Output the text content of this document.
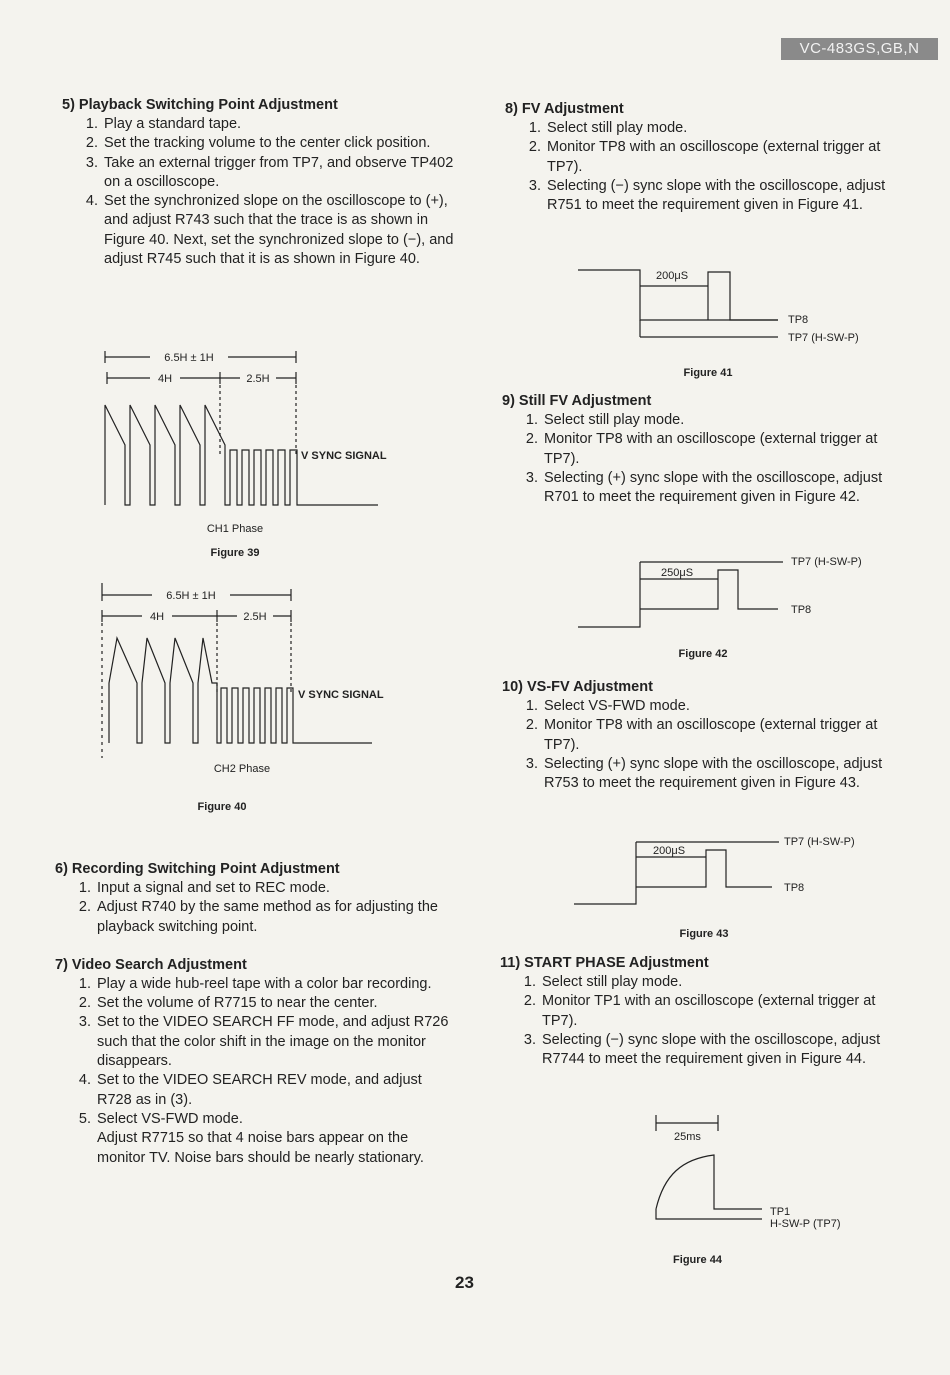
VC-483GS,GB,N
5) Playback Switching Point Adjustment
1. Play a standard tape.
2. Set the tracking volume to the center click position.
3. Take an external trigger from TP7, and observe TP402 on a oscilloscope.
4. Set the synchronized slope on the oscilloscope to (+), and adjust R743 such that the trace is as shown in Figure 40. Next, set the synchronized slope to (−), and adjust R745 such that it is as shown in Figure 40.
6.5H ± 1H
4H	2.5H
V SYNC SIGNAL
CH1 Phase
Figure 39
6.5H ± 1H
4H	2.5H
V SYNC SIGNAL
CH2 Phase
Figure 40
6) Recording Switching Point Adjustment
1. Input a signal and set to REC mode.
2. Adjust R740 by the same method as for adjusting the playback switching point.
7) Video Search Adjustment
1. Play a wide hub-reel tape with a color bar recording.
2. Set the volume of R7715 to near the center.
3. Set to the VIDEO SEARCH FF mode, and adjust R726 such that the color shift in the image on the monitor disappears.
4. Set to the VIDEO SEARCH REV mode, and adjust R728 as in (3).
5. Select VS-FWD mode.
Adjust R7715 so that 4 noise bars appear on the monitor TV. Noise bars should be nearly stationary.
8) FV Adjustment
1. Select still play mode.
2. Monitor TP8 with an oscilloscope (external trigger at TP7).
3. Selecting (−) sync slope with the oscilloscope, adjust R751 to meet the requirement given in Figure 41.
200μS
TP8
TP7 (H-SW-P)
Figure 41
9) Still FV Adjustment
1. Select still play mode.
2. Monitor TP8 with an oscilloscope (external trigger at TP7).
3. Selecting (+) sync slope with the oscilloscope, adjust R701 to meet the requirement given in Figure 42.
250μS
TP7 (H-SW-P)
TP8
Figure 42
10) VS-FV Adjustment
1. Select VS-FWD mode.
2. Monitor TP8 with an oscilloscope (external trigger at TP7).
3. Selecting (+) sync slope with the oscilloscope, adjust R753 to meet the requirement given in Figure 43.
200μS
TP7 (H-SW-P)
TP8
Figure 43
11) START PHASE Adjustment
1. Select still play mode.
2. Monitor TP1 with an oscilloscope (external trigger at TP7).
3. Selecting (−) sync slope with the oscilloscope, adjust R7744 to meet the requirement given in Figure 44.
25ms
TP1
H-SW-P (TP7)
Figure 44
23
